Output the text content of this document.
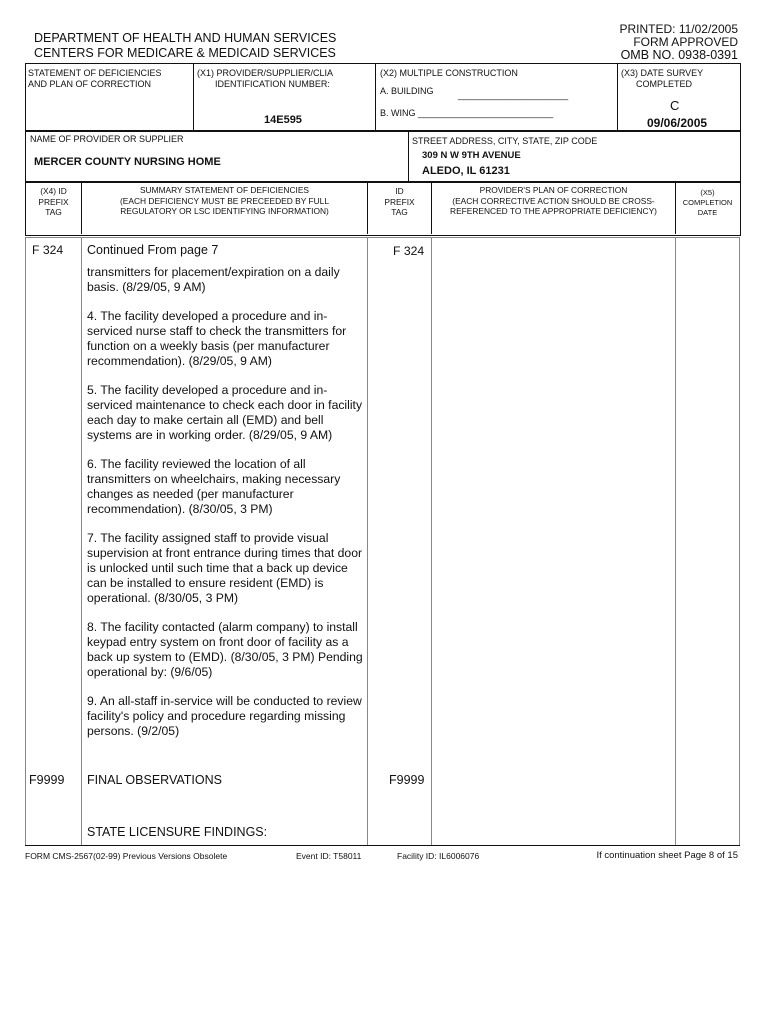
DEPARTMENT OF HEALTH AND HUMAN SERVICES
CENTERS FOR MEDICARE & MEDICAID SERVICES
PRINTED: 11/02/2005
FORM APPROVED
OMB NO. 0938-0391
STATEMENT OF DEFICIENCIES
AND PLAN OF CORRECTION
(X1) PROVIDER/SUPPLIER/CLIA
IDENTIFICATION NUMBER:
14E595
(X2) MULTIPLE CONSTRUCTION
A. BUILDING	______________________
B. WING ___________________________
(X3) DATE SURVEY
COMPLETED
C
09/06/2005
NAME OF PROVIDER OR SUPPLIER
MERCER COUNTY NURSING HOME
STREET ADDRESS, CITY, STATE, ZIP CODE
309 N W 9TH AVENUE
ALEDO, IL 61231
(X4) ID
PREFIX
TAG
SUMMARY STATEMENT OF DEFICIENCIES
(EACH DEFICIENCY MUST BE PRECEEDED BY FULL
REGULATORY OR LSC IDENTIFYING INFORMATION)
ID
PREFIX
TAG
PROVIDER'S PLAN OF CORRECTION
(EACH CORRECTIVE ACTION SHOULD BE CROSS-
REFERENCED TO THE APPROPRIATE DEFICIENCY)
(X5)
COMPLETION
DATE
F 324	F 324
Continued From page 7

transmitters for placement/expiration on a daily basis. (8/29/05, 9 AM)

4. The facility developed a procedure and in-serviced nurse staff to check the transmitters for function on a weekly basis (per manufacturer recommendation). (8/29/05, 9 AM)

5. The facility developed a procedure and in-serviced maintenance to check each door in facility each day to make certain all (EMD) and bell systems are in working order. (8/29/05, 9 AM)

6. The facility reviewed the location of all transmitters on wheelchairs, making necessary changes as needed (per manufacturer recommendation). (8/30/05, 3 PM)

7. The facility assigned staff to provide visual supervision at front entrance during times that door is unlocked until such time that a back up device can be installed to ensure resident (EMD) is operational. (8/30/05, 3 PM)

8. The facility contacted (alarm company) to install keypad entry system on front door of facility as a back up system to (EMD). (8/30/05, 3 PM) Pending operational by: (9/6/05)

9. An all-staff in-service will be conducted to review facility's policy and procedure regarding missing persons. (9/2/05)

F9999	F9999
FINAL OBSERVATIONS
STATE LICENSURE FINDINGS:
FORM CMS-2567(02-99) Previous Versions Obsolete	Event ID: T58011	Facility ID: IL6006076	If continuation sheet Page 8 of 15
